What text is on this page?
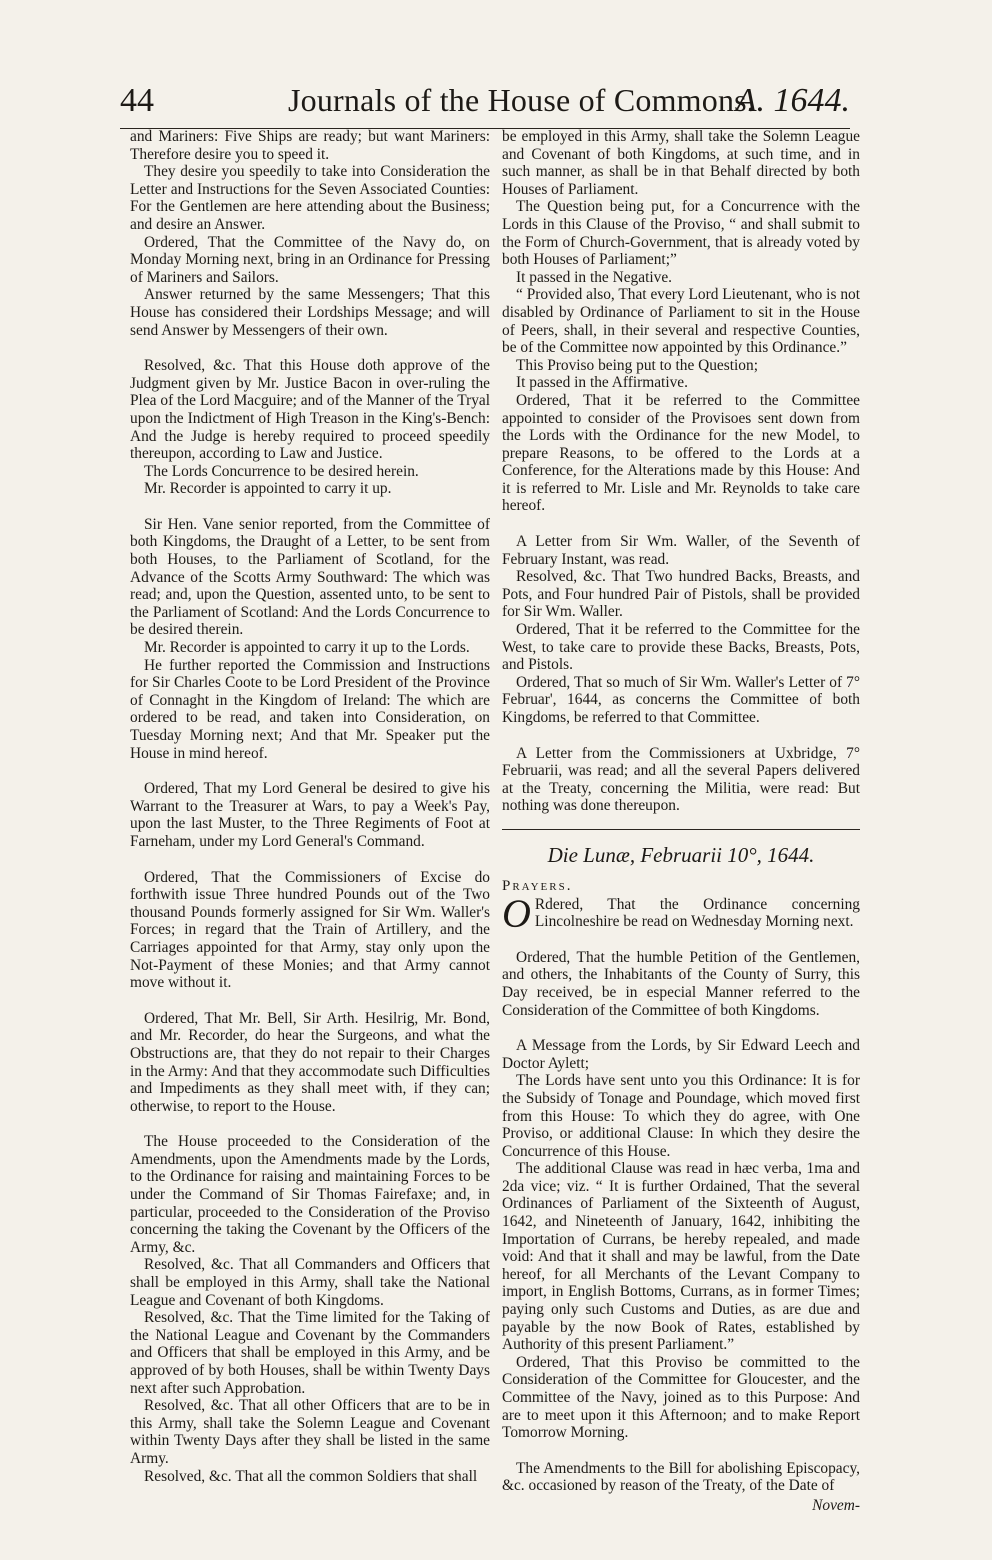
44	Journals of the House of Commons.
A. 1644.

and Mariners: Five Ships are ready; but want Mariners: Therefore desire you to speed it.

They desire you speedily to take into Consideration the Letter and Instructions for the Seven Associated Counties: For the Gentlemen are here attending about the Business; and desire an Answer.

Ordered, That the Committee of the Navy do, on Monday Morning next, bring in an Ordinance for Pressing of Mariners and Sailors.

Answer returned by the same Messengers; That this House has considered their Lordships Message; and will send Answer by Messengers of their own.

Resolved, &c. That this House doth approve of the Judgment given by Mr. Justice Bacon in over-ruling the Plea of the Lord Macguire; and of the Manner of the Tryal upon the Indictment of High Treason in the King's-Bench: And the Judge is hereby required to proceed speedily thereupon, according to Law and Justice.

The Lords Concurrence to be desired herein.

Mr. Recorder is appointed to carry it up.

Sir Hen. Vane senior reported, from the Committee of both Kingdoms, the Draught of a Letter, to be sent from both Houses, to the Parliament of Scotland, for the Advance of the Scotts Army Southward: The which was read; and, upon the Question, assented unto, to be sent to the Parliament of Scotland: And the Lords Concurrence to be desired therein.

Mr. Recorder is appointed to carry it up to the Lords.

He further reported the Commission and Instructions for Sir Charles Coote to be Lord President of the Province of Connaght in the Kingdom of Ireland: The which are ordered to be read, and taken into Consideration, on Tuesday Morning next; And that Mr. Speaker put the House in mind hereof.

Ordered, That my Lord General be desired to give his Warrant to the Treasurer at Wars, to pay a Week's Pay, upon the last Muster, to the Three Regiments of Foot at Farneham, under my Lord General's Command.

Ordered, That the Commissioners of Excise do forthwith issue Three hundred Pounds out of the Two thousand Pounds formerly assigned for Sir Wm. Waller's Forces; in regard that the Train of Artillery, and the Carriages appointed for that Army, stay only upon the Not-Payment of these Monies; and that Army cannot move without it.

Ordered, That Mr. Bell, Sir Arth. Hesilrig, Mr. Bond, and Mr. Recorder, do hear the Surgeons, and what the Obstructions are, that they do not repair to their Charges in the Army: And that they accommodate such Difficulties and Impediments as they shall meet with, if they can; otherwise, to report to the House.

The House proceeded to the Consideration of the Amendments, upon the Amendments made by the Lords, to the Ordinance for raising and maintaining Forces to be under the Command of Sir Thomas Fairefaxe; and, in particular, proceeded to the Consideration of the Proviso concerning the taking the Covenant by the Officers of the Army, &c.

Resolved, &c. That all Commanders and Officers that shall be employed in this Army, shall take the National League and Covenant of both Kingdoms.

Resolved, &c. That the Time limited for the Taking of the National League and Covenant by the Commanders and Officers that shall be employed in this Army, and be approved of by both Houses, shall be within Twenty Days next after such Approbation.

Resolved, &c. That all other Officers that are to be in this Army, shall take the Solemn League and Covenant within Twenty Days after they shall be listed in the same Army.

Resolved, &c. That all the common Soldiers that shall

be employed in this Army, shall take the Solemn League and Covenant of both Kingdoms, at such time, and in such manner, as shall be in that Behalf directed by both Houses of Parliament.

The Question being put, for a Concurrence with the Lords in this Clause of the Proviso, “ and shall submit to the Form of Church-Government, that is already voted by both Houses of Parliament;”

It passed in the Negative.

“ Provided also, That every Lord Lieutenant, who is not disabled by Ordinance of Parliament to sit in the House of Peers, shall, in their several and respective Counties, be of the Committee now appointed by this Ordinance.”

This Proviso being put to the Question;

It passed in the Affirmative.

Ordered, That it be referred to the Committee appointed to consider of the Provisoes sent down from the Lords with the Ordinance for the new Model, to prepare Reasons, to be offered to the Lords at a Conference, for the Alterations made by this House: And it is referred to Mr. Lisle and Mr. Reynolds to take care hereof.

A Letter from Sir Wm. Waller, of the Seventh of February Instant, was read.

Resolved, &c. That Two hundred Backs, Breasts, and Pots, and Four hundred Pair of Pistols, shall be provided for Sir Wm. Waller.

Ordered, That it be referred to the Committee for the West, to take care to provide these Backs, Breasts, Pots, and Pistols.

Ordered, That so much of Sir Wm. Waller's Letter of 7° Februar', 1644, as concerns the Committee of both Kingdoms, be referred to that Committee.

A Letter from the Commissioners at Uxbridge, 7° Februarii, was read; and all the several Papers delivered at the Treaty, concerning the Militia, were read: But nothing was done thereupon.

Die Lunæ, Februarii 10°, 1644.

Prayers.

O Rdered, That the Ordinance concerning Lincolneshire be read on Wednesday Morning next.

Ordered, That the humble Petition of the Gentlemen, and others, the Inhabitants of the County of Surry, this Day received, be in especial Manner referred to the Consideration of the Committee of both Kingdoms.

A Message from the Lords, by Sir Edward Leech and Doctor Aylett;

The Lords have sent unto you this Ordinance: It is for the Subsidy of Tonage and Poundage, which moved first from this House: To which they do agree, with One Proviso, or additional Clause: In which they desire the Concurrence of this House.

The additional Clause was read in hæc verba, 1ma and 2da vice; viz. “ It is further Ordained, That the several Ordinances of Parliament of the Sixteenth of August, 1642, and Nineteenth of January, 1642, inhibiting the Importation of Currans, be hereby repealed, and made void: And that it shall and may be lawful, from the Date hereof, for all Merchants of the Levant Company to import, in English Bottoms, Currans, as in former Times; paying only such Customs and Duties, as are due and payable by the now Book of Rates, established by Authority of this present Parliament.”

Ordered, That this Proviso be committed to the Consideration of the Committee for Gloucester, and the Committee of the Navy, joined as to this Purpose: And are to meet upon it this Afternoon; and to make Report Tomorrow Morning.

The Amendments to the Bill for abolishing Episcopacy, &c. occasioned by reason of the Treaty, of the Date of

Novem-
